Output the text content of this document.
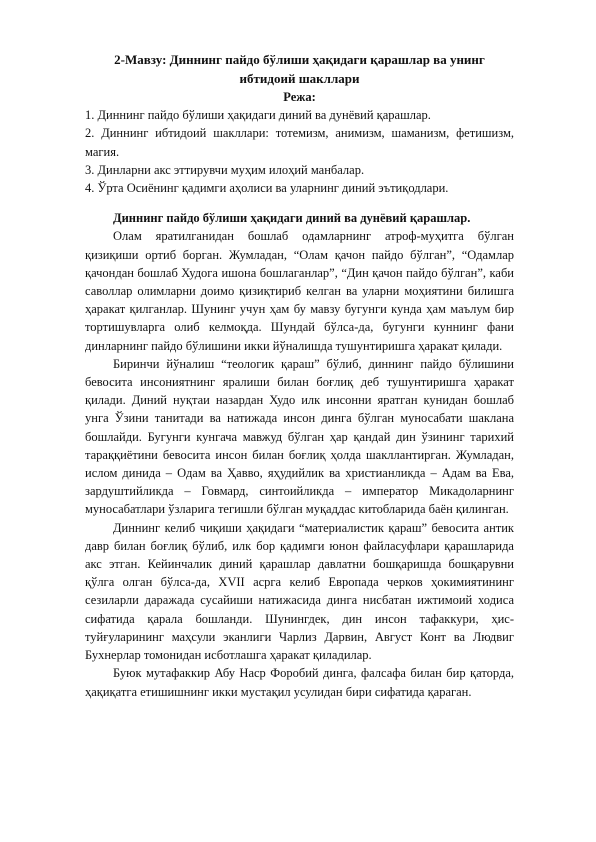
2-Мавзу: Диннинг пайдо бўлиши ҳақидаги қарашлар ва унинг ибтидоий шакллари
Режа:
1. Диннинг пайдо бўлиши ҳақидаги диний ва дунёвий қарашлар.
2. Диннинг ибтидоий шакллари: тотемизм, анимизм, шаманизм, фетишизм, магия.
3. Динларни акс эттирувчи муҳим илоҳий манбалар.
4. Ўрта Осиёнинг қадимги аҳолиси ва уларнинг диний эътиқодлари.
Диннинг пайдо бўлиши ҳақидаги диний ва дунёвий қарашлар.

Олам яратилганидан бошлаб одамларнинг атроф-муҳитга бўлган қизиқиши ортиб борган. Жумладан, “Олам қачон пайдо бўлган”, “Одамлар қачондан бошлаб Худога ишона бошлаганлар”, “Дин қачон пайдо бўлган”, каби саволлар олимларни доимо қизиқтириб келган ва уларни моҳиятини билишга ҳаракат қилганлар. Шунинг учун ҳам бу мавзу бугунги кунда ҳам маълум бир тортишувларга олиб келмоқда. Шундай бўлса-да, бугунги куннинг фани динларнинг пайдо бўлишини икки йўналишда тушунтиришга ҳаракат қилади.

Биринчи йўналиш “теологик қараш” бўлиб, диннинг пайдо бўлишини бевосита инсониятнинг яралиши билан боғлиқ деб тушунтиришга ҳаракат қилади. Диний нуқтаи назардан Худо илк инсонни яратган кунидан бошлаб унга Ўзини танитади ва натижада инсон динга бўлган муносабати шаклана бошлайди. Бугунги кунгача мавжуд бўлган ҳар қандай дин ўзининг тарихий тараққиётини бевосита инсон билан боғлиқ ҳолда шакллантирган. Жумладан, ислом динида – Одам ва Ҳавво, яҳудийлик ва христианликда – Адам ва Ева, зардуштийликда – Говмард, синтоийликда – император Микадоларнинг муносабатлари ўзларига тегишли бўлган муқаддас китобларида баён қилинган.

Диннинг келиб чиқиши ҳақидаги “материалистик қараш” бевосита антик давр билан боғлиқ бўлиб, илк бор қадимги юнон файласуфлари қарашларида акс этган. Кейинчалик диний қарашлар давлатни бошқаришда бошқарувни қўлга олган бўлса-да, XVII асрга келиб Европада черков ҳокимиятининг сезиларли даражада сусайиши натижасида динга нисбатан ижтимоий ходиса сифатида қарала бошланди. Шунингдек, дин инсон тафаккури, ҳис-туйғуларининг маҳсули эканлиги Чарлиз Дарвин, Август Конт ва Людвиг Бухнерлар томонидан исботлашга ҳаракат қиладилар.

Буюк мутафаккир Абу Наср Форобий динга, фалсафа билан бир қаторда, ҳақиқатга етишишнинг икки мустақил усулидан бири сифатида қараган.
